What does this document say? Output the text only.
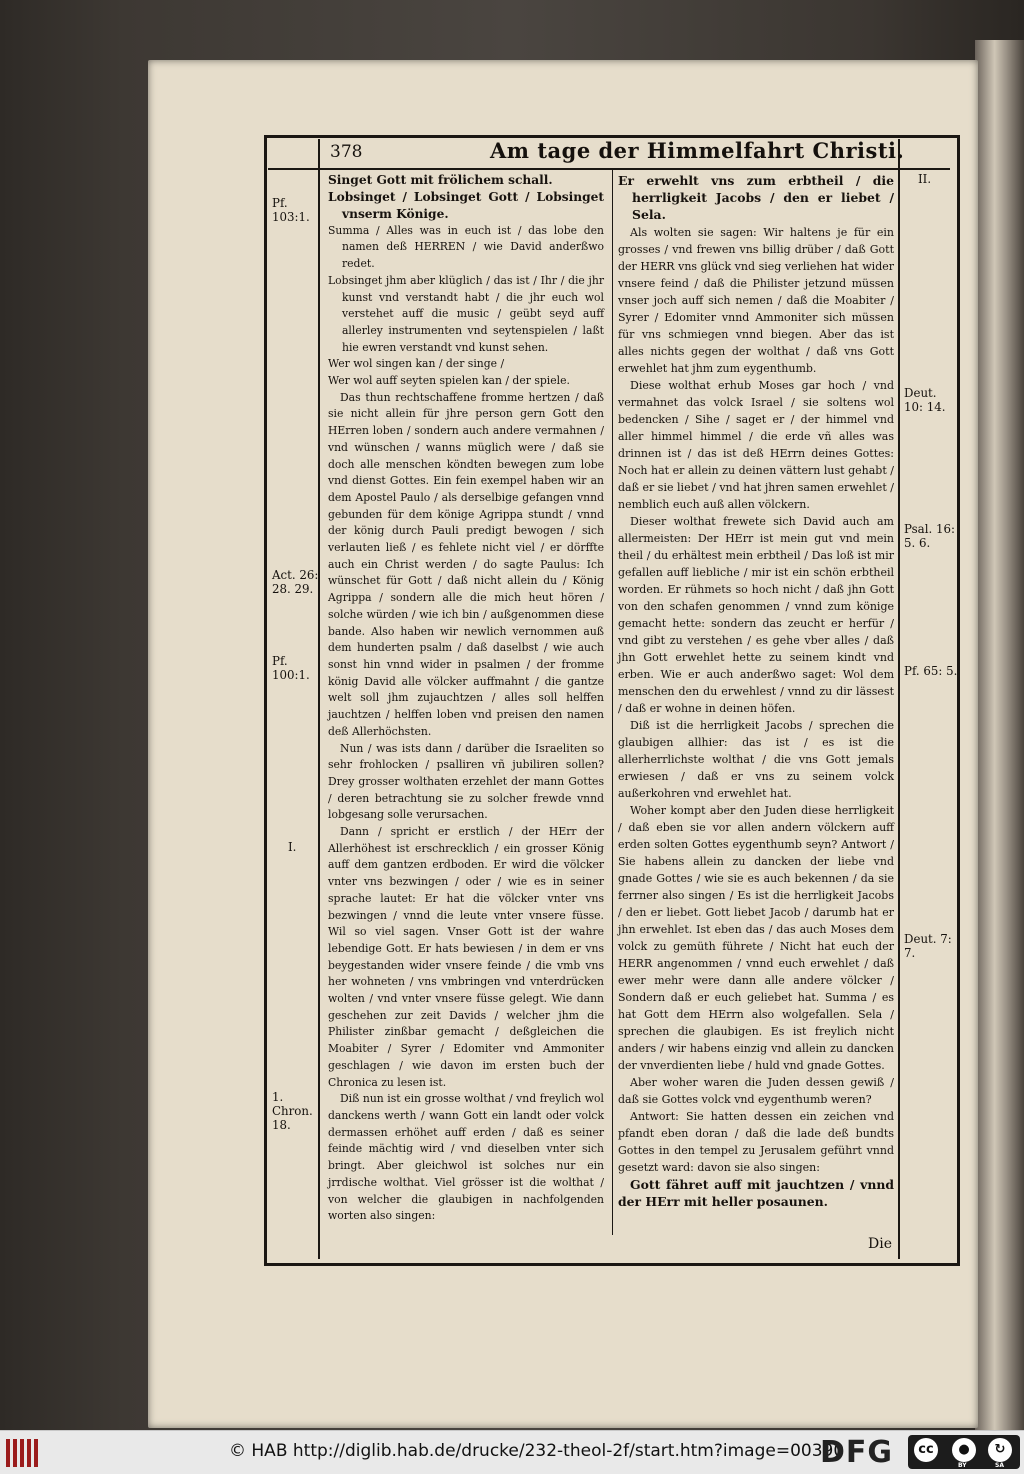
378	Am tage der Himmelfahrt Christi.

Singet Gott mit frölichem schall.

Lobsinget / Lobsinget Gott / Lobsinget vnserm Könige.

Summa / Alles was in euch ist / das lobe den namen deß HERREN / wie David anderßwo redet.

Lobsinget jhm aber klüglich / das ist / Ihr / die jhr kunst vnd verstandt habt / die jhr euch wol verstehet auff die music / geübt seyd auff allerley instrumenten vnd seytenspielen / laßt hie ewren verstandt vnd kunst sehen.

Wer wol singen kan / der singe /

Wer wol auff seyten spielen kan / der spiele.

Das thun rechtschaffene fromme hertzen / daß sie nicht allein für jhre person gern Gott den HErren loben / sondern auch andere vermahnen / vnd wünschen / wanns müglich were / daß sie doch alle menschen köndten bewegen zum lobe vnd dienst Gottes. Ein fein exempel haben wir an dem Apostel Paulo / als derselbige gefangen vnnd gebunden für dem könige Agrippa stundt / vnnd der könig durch Pauli predigt bewogen / sich verlauten ließ / es fehlete nicht viel / er dörffte auch ein Christ werden / do sagte Paulus: Ich wünschet für Gott / daß nicht allein du / König Agrippa / sondern alle die mich heut hören / solche würden / wie ich bin / außgenommen diese bande. Also haben wir newlich vernommen auß dem hunderten psalm / daß daselbst / wie auch sonst hin vnnd wider in psalmen / der fromme könig David alle völcker auffmahnt / die gantze welt soll jhm zujauchtzen / alles soll helffen jauchtzen / helffen loben vnd preisen den namen deß Allerhöchsten.

Nun / was ists dann / darüber die Israeliten so sehr frohlocken / psalliren vñ jubiliren sollen? Drey grosser wolthaten erzehlet der mann Gottes / deren betrachtung sie zu solcher frewde vnnd lobgesang solle verursachen.

Dann / spricht er erstlich / der HErr der Allerhöhest ist erschrecklich / ein grosser König auff dem gantzen erdboden. Er wird die völcker vnter vns bezwingen / oder / wie es in seiner sprache lautet: Er hat die völcker vnter vns bezwingen / vnnd die leute vnter vnsere füsse. Wil so viel sagen. Vnser Gott ist der wahre lebendige Gott. Er hats bewiesen / in dem er vns beygestanden wider vnsere feinde / die vmb vns her wohneten / vns vmbringen vnd vnterdrücken wolten / vnd vnter vnsere füsse gelegt. Wie dann geschehen zur zeit Davids / welcher jhm die Philister zinßbar gemacht / deßgleichen die Moabiter / Syrer / Edomiter vnd Ammoniter geschlagen / wie davon im ersten buch der Chronica zu lesen ist.

Diß nun ist ein grosse wolthat / vnd freylich wol danckens werth / wann Gott ein landt oder volck dermassen erhöhet auff erden / daß es seiner feinde mächtig wird / vnd dieselben vnter sich bringt. Aber gleichwol ist solches nur ein jrrdische wolthat. Viel grösser ist die wolthat / von welcher die glaubigen in nachfolgenden worten also singen:

Er erwehlt vns zum erbtheil / die herrligkeit Jacobs / den er liebet / Sela.

Als wolten sie sagen: Wir haltens je für ein grosses / vnd frewen vns billig drüber / daß Gott der HERR vns glück vnd sieg verliehen hat wider vnsere feind / daß die Philister jetzund müssen vnser joch auff sich nemen / daß die Moabiter / Syrer / Edomiter vnnd Ammoniter sich müssen für vns schmiegen vnnd biegen. Aber das ist alles nichts gegen der wolthat / daß vns Gott erwehlet hat jhm zum eygenthumb.

Diese wolthat erhub Moses gar hoch / vnd vermahnet das volck Israel / sie soltens wol bedencken / Sihe / saget er / der himmel vnd aller himmel himmel / die erde vñ alles was drinnen ist / das ist deß HErrn deines Gottes: Noch hat er allein zu deinen vättern lust gehabt / daß er sie liebet / vnd hat jhren samen erwehlet / nemblich euch auß allen völckern.

Dieser wolthat frewete sich David auch am allermeisten: Der HErr ist mein gut vnd mein theil / du erhältest mein erbtheil / Das loß ist mir gefallen auff liebliche / mir ist ein schön erbtheil worden. Er rühmets so hoch nicht / daß jhn Gott von den schafen genommen / vnnd zum könige gemacht hette: sondern das zeucht er herfür / vnd gibt zu verstehen / es gehe vber alles / daß jhn Gott erwehlet hette zu seinem kindt vnd erben. Wie er auch anderßwo saget: Wol dem menschen den du erwehlest / vnnd zu dir lässest / daß er wohne in deinen höfen.

Diß ist die herrligkeit Jacobs / sprechen die glaubigen allhier: das ist / es ist die allerherrlichste wolthat / die vns Gott jemals erwiesen / daß er vns zu seinem volck außerkohren vnd erwehlet hat.

Woher kompt aber den Juden diese herrligkeit / daß eben sie vor allen andern völckern auff erden solten Gottes eygenthumb seyn? Antwort / Sie habens allein zu dancken der liebe vnd gnade Gottes / wie sie es auch bekennen / da sie ferrner also singen / Es ist die herrligkeit Jacobs / den er liebet. Gott liebet Jacob / darumb hat er jhn erwehlet. Ist eben das / das auch Moses dem volck zu gemüth führete / Nicht hat euch der HERR angenommen / vnnd euch erwehlet / daß ewer mehr were dann alle andere völcker / Sondern daß er euch geliebet hat. Summa / es hat Gott dem HErrn also wolgefallen. Sela / sprechen die glaubigen. Es ist freylich nicht anders / wir habens einzig vnd allein zu dancken der vnverdienten liebe / huld vnd gnade Gottes.

Aber woher waren die Juden dessen gewiß / daß sie Gottes volck vnd eygenthumb weren?

Antwort: Sie hatten dessen ein zeichen vnd pfandt eben doran / daß die lade deß bundts Gottes in den tempel zu Jerusalem geführt vnnd gesetzt ward: davon sie also singen:

Gott fähret auff mit jauchtzen / vnnd der HErr mit heller posaunen.

Pf. 103:1.
Act. 26: 28. 29.
Pf. 100:1.
I.
1. Chron. 18.
II.
Deut. 10: 14.
Psal. 16: 5. 6.
Pf. 65: 5.
Deut. 7: 7.
Die
© HAB http://diglib.hab.de/drucke/232-theol-2f/start.htm?image=00390
DFG	cc	●	↻
BY	SA
